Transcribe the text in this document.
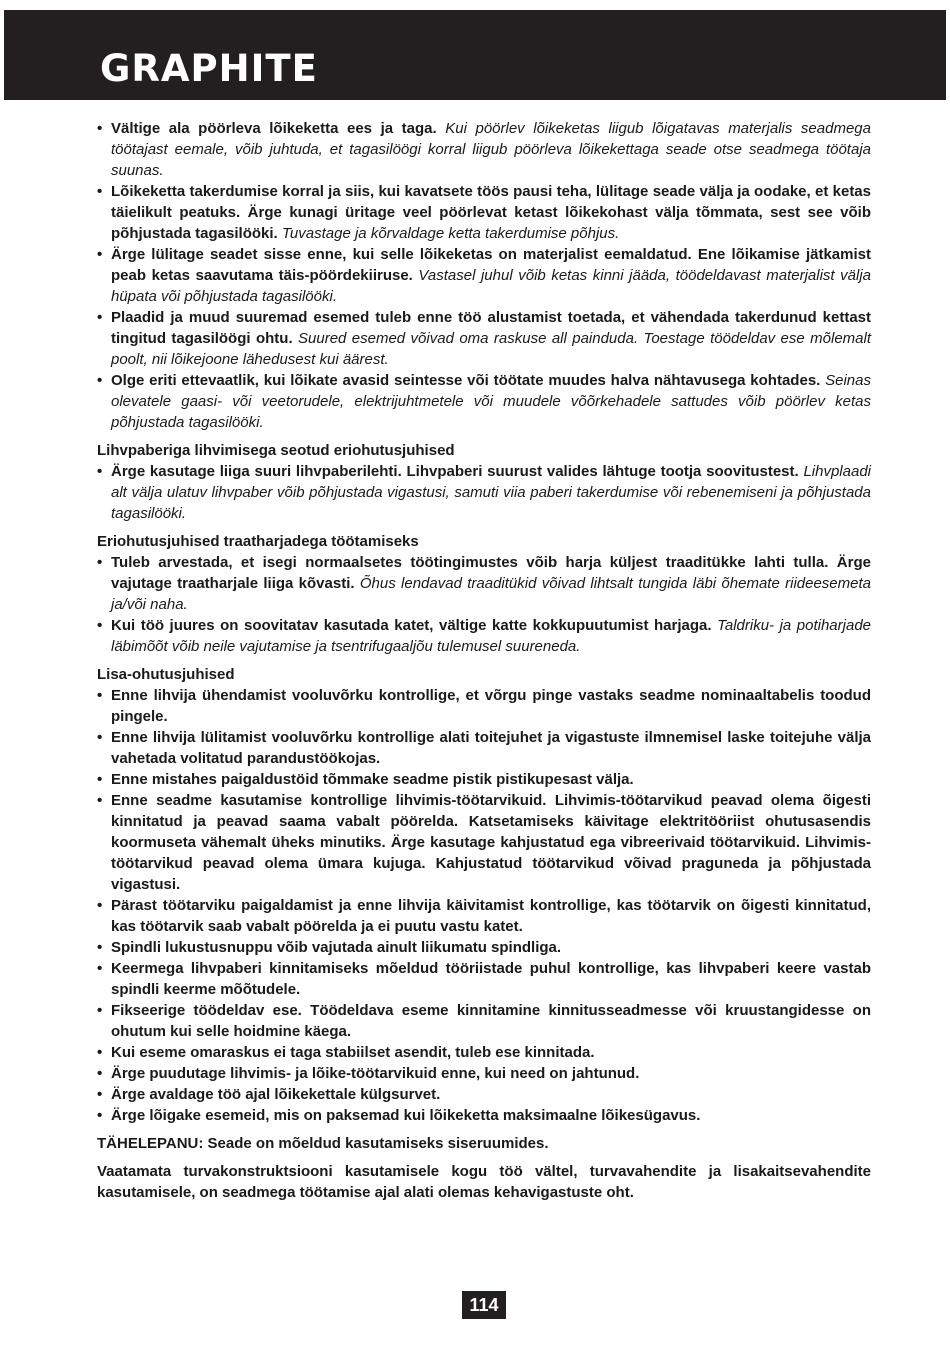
GRAPHITE
• Vältige ala pöörleva lõikeketta ees ja taga. Kui pöörlev lõikeketas liigub lõigatavas materjalis seadmega töötajast eemale, võib juhtuda, et tagasilöögi korral liigub pöörleva lõikekettaga seade otse seadmega töötaja suunas.
• Lõikeketta takerdumise korral ja siis, kui kavatsete töös pausi teha, lülitage seade välja ja oodake, et ketas täielikult peatuks. Ärge kunagi üritage veel pöörlevat ketast lõikekohast välja tõmmata, sest see võib põhjustada tagasilööki. Tuvastage ja kõrvaldage ketta takerdumise põhjus.
• Ärge lülitage seadet sisse enne, kui selle lõikeketas on materjalist eemaldatud. Ene lõikamise jätkamist peab ketas saavutama täis-pöördekiiruse. Vastasel juhul võib ketas kinni jääda, töödeldavast materjalist välja hüpata või põhjustada tagasilööki.
• Plaadid ja muud suuremad esemed tuleb enne töö alustamist toetada, et vähendada takerdunud kettast tingitud tagasilöögi ohtu. Suured esemed võivad oma raskuse all painduda. Toestage töödeldav ese mõlemalt poolt, nii lõikejoone lähedusest kui äärest.
• Olge eriti ettevaatlik, kui lõikate avasid seintesse või töötate muudes halva nähtavusega kohtades. Seinas olevatele gaasi- või veetorudele, elektrijuhtmetele või muudele võõrkehadele sattudes võib pöörlev ketas põhjustada tagasilööki.
Lihvpaberiga lihvimisega seotud eriohutusjuhised
• Ärge kasutage liiga suuri lihvpaberilehti. Lihvpaberi suurust valides lähtuge tootja soovitustest. Lihvplaadi alt välja ulatuv lihvpaber võib põhjustada vigastusi, samuti viia paberi takerdumise või rebenemiseni ja põhjustada tagasilööki.
Eriohutusjuhised traatharjadega töötamiseks
• Tuleb arvestada, et isegi normaalsetes töötingimustes võib harja küljest traaditükke lahti tulla. Ärge vajutage traatharjale liiga kõvasti. Õhus lendavad traaditükid võivad lihtsalt tungida läbi õhemate riideesemeta ja/või naha.
• Kui töö juures on soovitatav kasutada katet, vältige katte kokkupuutumist harjaga. Taldriku- ja potiharjade läbimõõt võib neile vajutamise ja tsentrifugaaljõu tulemusel suureneda.
Lisa-ohutusjuhised
• Enne lihvija ühendamist vooluvõrku kontrollige, et võrgu pinge vastaks seadme nominaaltabelis toodud pingele.
• Enne lihvija lülitamist vooluvõrku kontrollige alati toitejuhet ja vigastuste ilmnemisel laske toitejuhe välja vahetada volitatud parandustöökojas.
• Enne mistahes paigaldustöid tõmmake seadme pistik pistikupesast välja.
• Enne seadme kasutamise kontrollige lihvimis-töötarvikuid. Lihvimis-töötarvikud peavad olema õigesti kinnitatud ja peavad saama vabalt pöörelda. Katsetamiseks käivitage elektritööriist ohutusasendis koormuseta vähemalt üheks minutiks. Ärge kasutage kahjustatud ega vibreerivaid töötarvikuid. Lihvimis-töötarvikud peavad olema ümara kujuga. Kahjustatud töötarvikud võivad praguneda ja põhjustada vigastusi.
• Pärast töötarviku paigaldamist ja enne lihvija käivitamist kontrollige, kas töötarvik on õigesti kinnitatud, kas töötarvik saab vabalt pöörelda ja ei puutu vastu katet.
• Spindli lukustusnuppu võib vajutada ainult liikumatu spindliga.
• Keermega lihvpaberi kinnitamiseks mõeldud tööriistade puhul kontrollige, kas lihvpaberi keere vastab spindli keerme mõõtudele.
• Fikseerige töödeldav ese. Töödeldava eseme kinnitamine kinnitusseadmesse või kruustangidesse on ohutum kui selle hoidmine käega.
• Kui eseme omaraskus ei taga stabiilset asendit, tuleb ese kinnitada.
• Ärge puudutage lihvimis- ja lõike-töötarvikuid enne, kui need on jahtunud.
• Ärge avaldage töö ajal lõikekettale külgsurvet.
• Ärge lõigake esemeid, mis on paksemad kui lõikeketta maksimaalne lõikesügavus.
TÄHELEPANU: Seade on mõeldud kasutamiseks siseruumides.
Vaatamata turvakonstruktsiooni kasutamisele kogu töö vältel, turvavahendite ja lisakaitsevahendite kasutamisele, on seadmega töötamise ajal alati olemas kehavigastuste oht.
114
